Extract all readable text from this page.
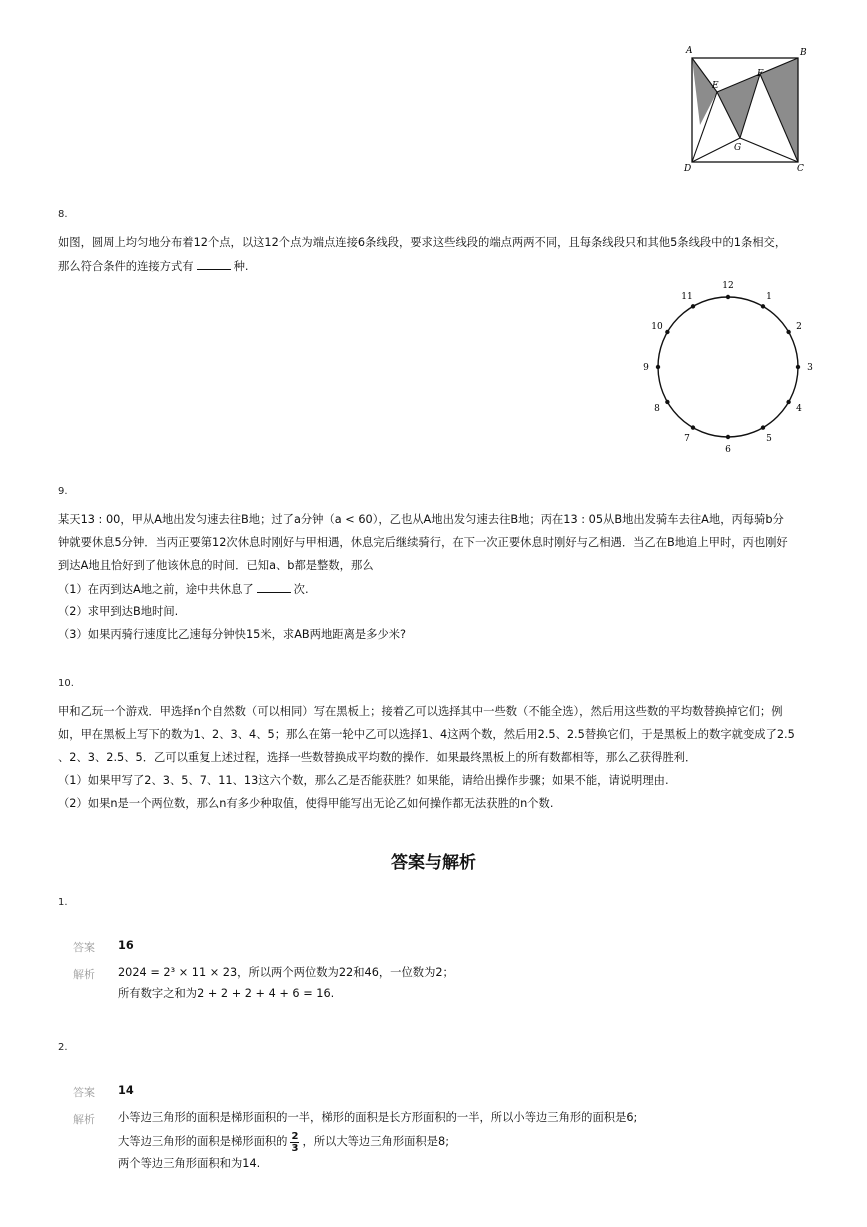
A	B
C
D
E
F
G
8.
如图，圆周上均匀地分布着12个点，以这12个点为端点连接6条线段，要求这些线段的端点两两不同，且每条线段只和其他5条线段中的1条相交，
那么符合条件的连接方式有	种.
12
1
2
3
4
5
6
7
8
9
10
11
9.
某天13 : 00，甲从A地出发匀速去往B地；过了a分钟（a < 60），乙也从A地出发匀速去往B地；丙在13 : 05从B地出发骑车去往A地，丙每骑b分
钟就要休息5分钟．当丙正要第12次休息时刚好与甲相遇，休息完后继续骑行，在下一次正要休息时刚好与乙相遇．当乙在B地追上甲时，丙也刚好
到达A地且恰好到了他该休息的时间．已知a、b都是整数，那么
（1）在丙到达A地之前，途中共休息了	次.
（2）求甲到达B地时间.
（3）如果丙骑行速度比乙速每分钟快15米，求AB两地距离是多少米?
10.
甲和乙玩一个游戏．甲选择n个自然数（可以相同）写在黑板上；接着乙可以选择其中一些数（不能全选），然后用这些数的平均数替换掉它们；例
如，甲在黑板上写下的数为1、2、3、4、5；那么在第一轮中乙可以选择1、4这两个数，然后用2.5、2.5替换它们，于是黑板上的数字就变成了2.5
、2、3、2.5、5．乙可以重复上述过程，选择一些数替换成平均数的操作．如果最终黑板上的所有数都相等，那么乙获得胜利．
（1）如果甲写了2、3、5、7、11、13这六个数，那么乙是否能获胜？如果能，请给出操作步骤；如果不能，请说明理由.
（2）如果n是一个两位数，那么n有多少种取值，使得甲能写出无论乙如何操作都无法获胜的n个数.
答案与解析
1.
答案 16
解析 2024 = 2³ × 11 × 23，所以两个两位数为22和46，一位数为2；
所有数字之和为2 + 2 + 2 + 4 + 6 = 16.
2.
答案 14
解析 小等边三角形的面积是梯形面积的一半，梯形的面积是长方形面积的一半，所以小等边三角形的面积是6;
大等边三角形的面积是梯形面积的 $\frac{2}{3}$ ，所以大等边三角形面积是8;
两个等边三角形面积和为14.
